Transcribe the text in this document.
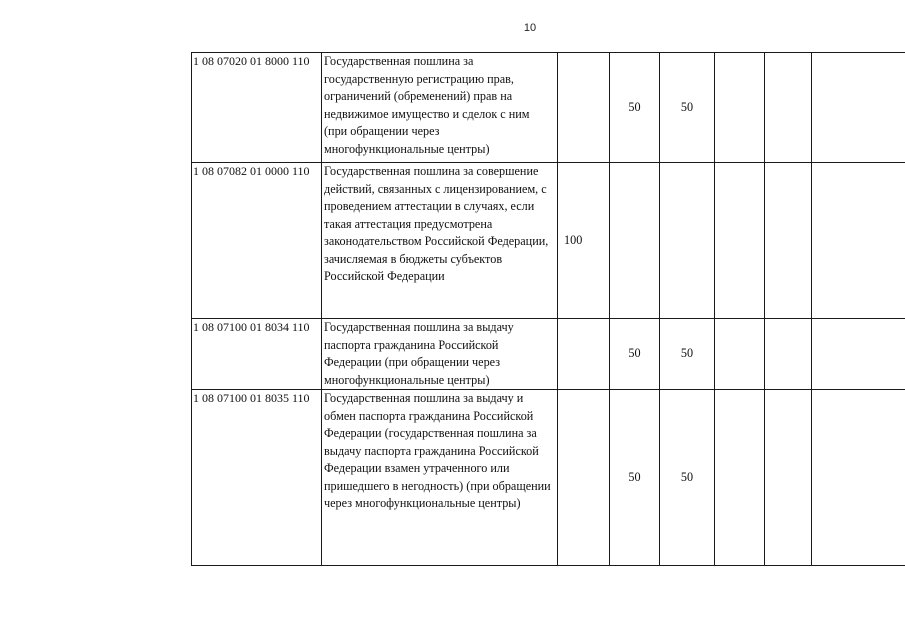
10
1 08 07020 01 8000 110	Государственная пошлина за государственную регистрацию прав, ограничений (обременений) прав на недвижимое имущество и сделок с ним (при обращении через многофункциональные центры)		50	50			
1 08 07082 01 0000 110	Государственная пошлина за совершение действий, связанных с лицензированием, с проведением аттестации в случаях, если такая аттестация предусмотрена законодательством Российской Федерации, зачисляемая в бюджеты субъектов Российской Федерации	100					
1 08 07100 01 8034 110	Государственная пошлина за выдачу паспорта гражданина Российской Федерации (при обращении через многофункциональные центры)		50	50			
1 08 07100 01 8035 110	Государственная пошлина за выдачу и обмен паспорта гражданина Российской Федерации (государственная пошлина за выдачу паспорта гражданина Российской Федерации взамен утраченного или пришедшего в негодность) (при обращении через многофункциональные центры)		50	50			
